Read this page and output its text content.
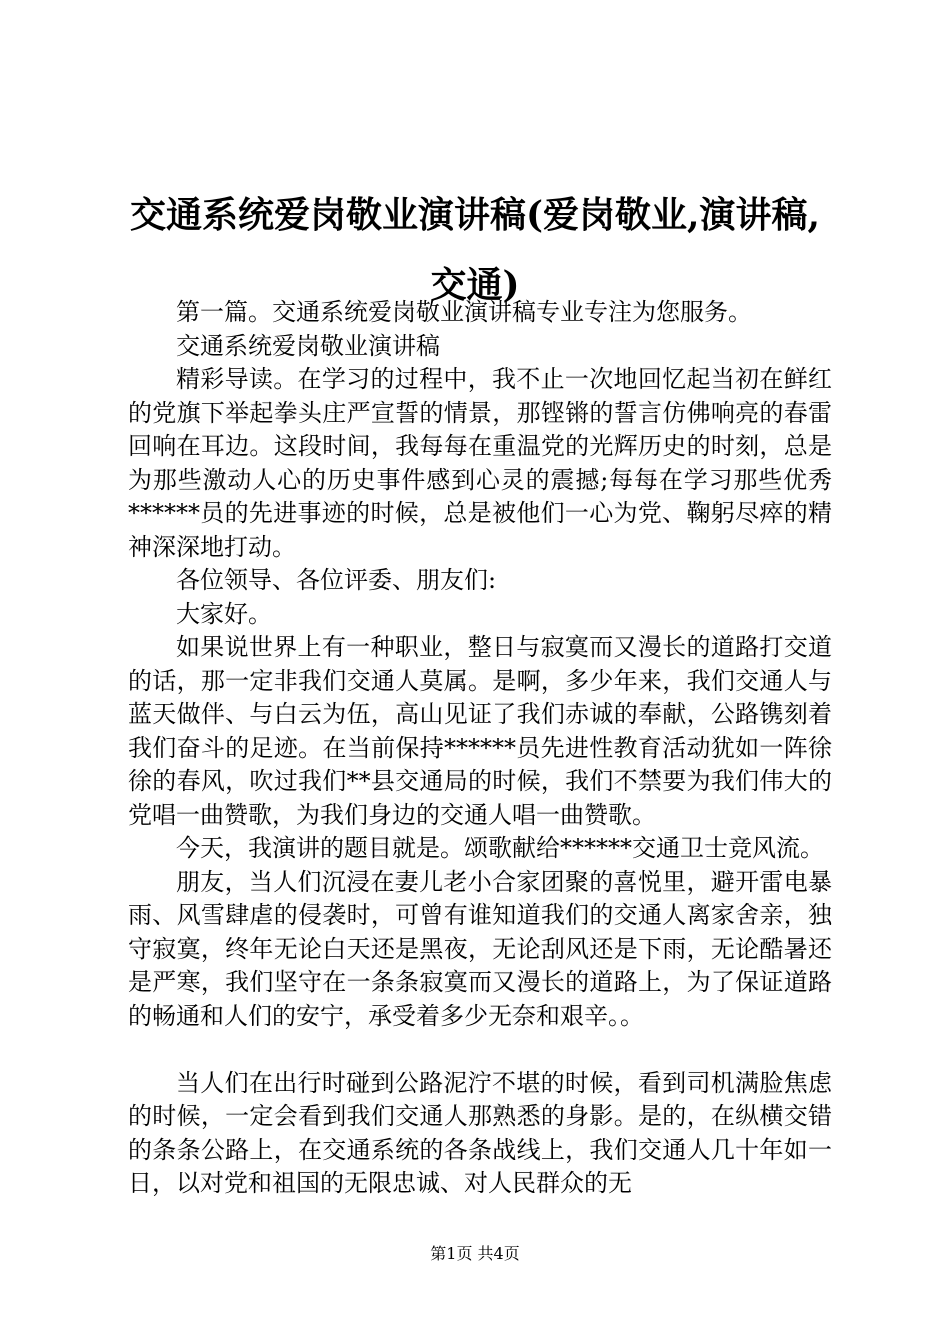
交通系统爱岗敬业演讲稿(爱岗敬业,演讲稿,交通)

第一篇。交通系统爱岗敬业演讲稿专业专注为您服务。

交通系统爱岗敬业演讲稿

精彩导读。在学习的过程中，我不止一次地回忆起当初在鲜红的党旗下举起拳头庄严宣誓的情景，那铿锵的誓言仿佛响亮的春雷回响在耳边。这段时间，我每每在重温党的光辉历史的时刻，总是为那些激动人心的历史事件感到心灵的震撼;每每在学习那些优秀******员的先进事迹的时候，总是被他们一心为党、鞠躬尽瘁的精神深深地打动。

各位领导、各位评委、朋友们:

大家好。

如果说世界上有一种职业，整日与寂寞而又漫长的道路打交道的话，那一定非我们交通人莫属。是啊，多少年来，我们交通人与蓝天做伴、与白云为伍，高山见证了我们赤诚的奉献，公路镌刻着我们奋斗的足迹。在当前保持******员先进性教育活动犹如一阵徐徐的春风，吹过我们**县交通局的时候，我们不禁要为我们伟大的党唱一曲赞歌，为我们身边的交通人唱一曲赞歌。

今天，我演讲的题目就是。颂歌献给******交通卫士竞风流。

朋友，当人们沉浸在妻儿老小合家团聚的喜悦里，避开雷电暴雨、风雪肆虐的侵袭时，可曾有谁知道我们的交通人离家舍亲，独守寂寞，终年无论白天还是黑夜，无论刮风还是下雨，无论酷暑还是严寒，我们坚守在一条条寂寞而又漫长的道路上，为了保证道路的畅通和人们的安宁，承受着多少无奈和艰辛。。

当人们在出行时碰到公路泥泞不堪的时候，看到司机满脸焦虑的时候，一定会看到我们交通人那熟悉的身影。是的，在纵横交错的条条公路上，在交通系统的各条战线上，我们交通人几十年如一日，以对党和祖国的无限忠诚、对人民群众的无

第1页 共4页
